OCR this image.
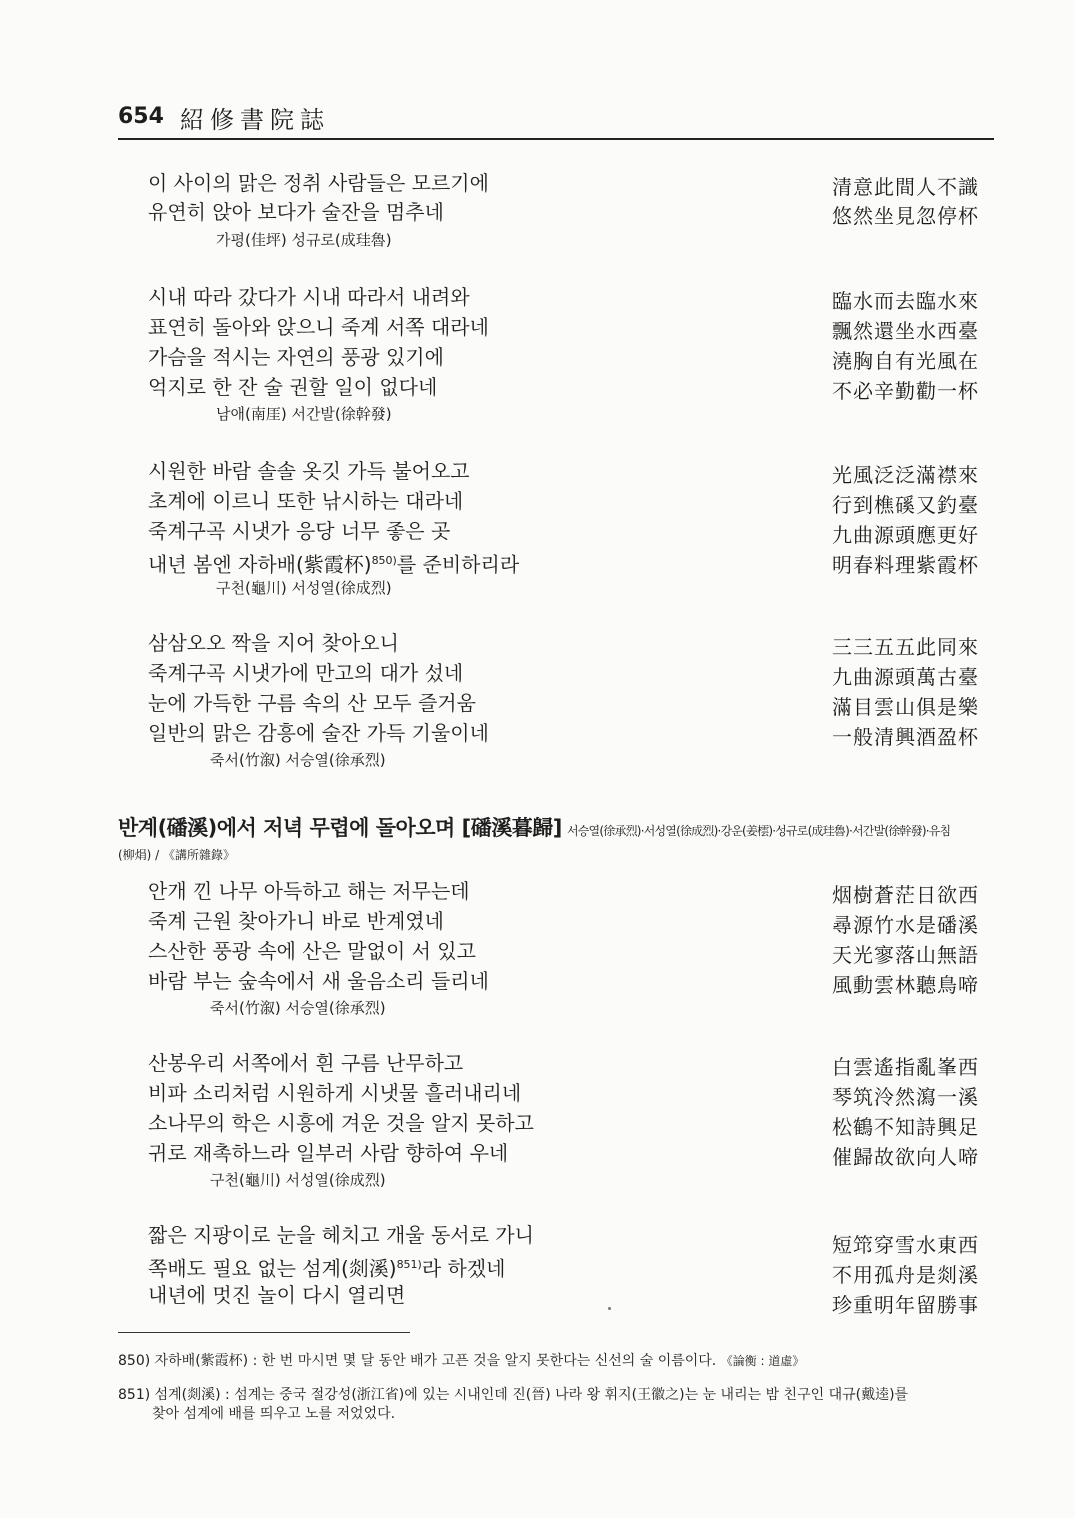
654 紹修書院誌
이 사이의 맑은 정취 사람들은 모르기에
유연히 앉아 보다가 술잔을 멈추네
清意此間人不識
悠然坐見忽停杯
가평(佳坪) 성규로(成珪魯)
시내 따라 갔다가 시내 따라서 내려와
표연히 돌아와 앉으니 죽계 서쪽 대라네
가슴을 적시는 자연의 풍광 있기에
억지로 한 잔 술 권할 일이 없다네
臨水而去臨水來
飄然還坐水西臺
澆胸自有光風在
不必辛勤勸一杯
남애(南厓) 서간발(徐幹發)
시원한 바람 솔솔 옷깃 가득 불어오고
초계에 이르니 또한 낚시하는 대라네
죽계구곡 시냇가 응당 너무 좋은 곳
내년 봄엔 자하배(紫霞杯)$^{850)}$를 준비하리라
光風泛泛滿襟來
行到樵磎又釣臺
九曲源頭應更好
明春料理紫霞杯
구천(龜川) 서성열(徐成烈)
삼삼오오 짝을 지어 찾아오니
죽계구곡 시냇가에 만고의 대가 섰네
눈에 가득한 구름 속의 산 모두 즐거움
일반의 맑은 감흥에 술잔 가득 기울이네
三三五五此同來
九曲源頭萬古臺
滿目雲山俱是樂
一般清興酒盈杯
죽서(竹溆) 서승열(徐承烈)
반계(磻溪)에서 저녁 무렵에 돌아오며 [磻溪暮歸] 서승열(徐承烈)·서성열(徐成烈)·강운(姜橒)·성규로(成珪魯)·서간발(徐幹發)·유침
(柳焆) / 《講所雜錄》
안개 낀 나무 아득하고 해는 저무는데
죽계 근원 찾아가니 바로 반계였네
스산한 풍광 속에 산은 말없이 서 있고
바람 부는 숲속에서 새 울음소리 들리네
烟樹蒼茫日欲西
尋源竹水是磻溪
天光寥落山無語
風動雲林聽鳥啼
죽서(竹溆) 서승열(徐承烈)
산봉우리 서쪽에서 흰 구름 난무하고
비파 소리처럼 시원하게 시냇물 흘러내리네
소나무의 학은 시흥에 겨운 것을 알지 못하고
귀로 재촉하느라 일부러 사람 향하여 우네
白雲遙指亂峯西
琴筑泠然瀉一溪
松鶴不知詩興足
催歸故欲向人啼
구천(龜川) 서성열(徐成烈)
짧은 지팡이로 눈을 헤치고 개울 동서로 가니
쪽배도 필요 없는 섬계(剡溪)$^{851)}$라 하겠네
내년에 멋진 놀이 다시 열리면
短筇穿雪水東西
不用孤舟是剡溪
珍重明年留勝事
850) 자하배(紫霞杯) : 한 번 마시면 몇 달 동안 배가 고픈 것을 알지 못한다는 신선의 술 이름이다. 《論衡 : 道虛》
851) 섬계(剡溪) : 섬계는 중국 절강성(浙江省)에 있는 시내인데 진(晉) 나라 왕 휘지(王徽之)는 눈 내리는 밤 친구인 대규(戴逵)를
찾아 섬계에 배를 띄우고 노를 저었었다.
